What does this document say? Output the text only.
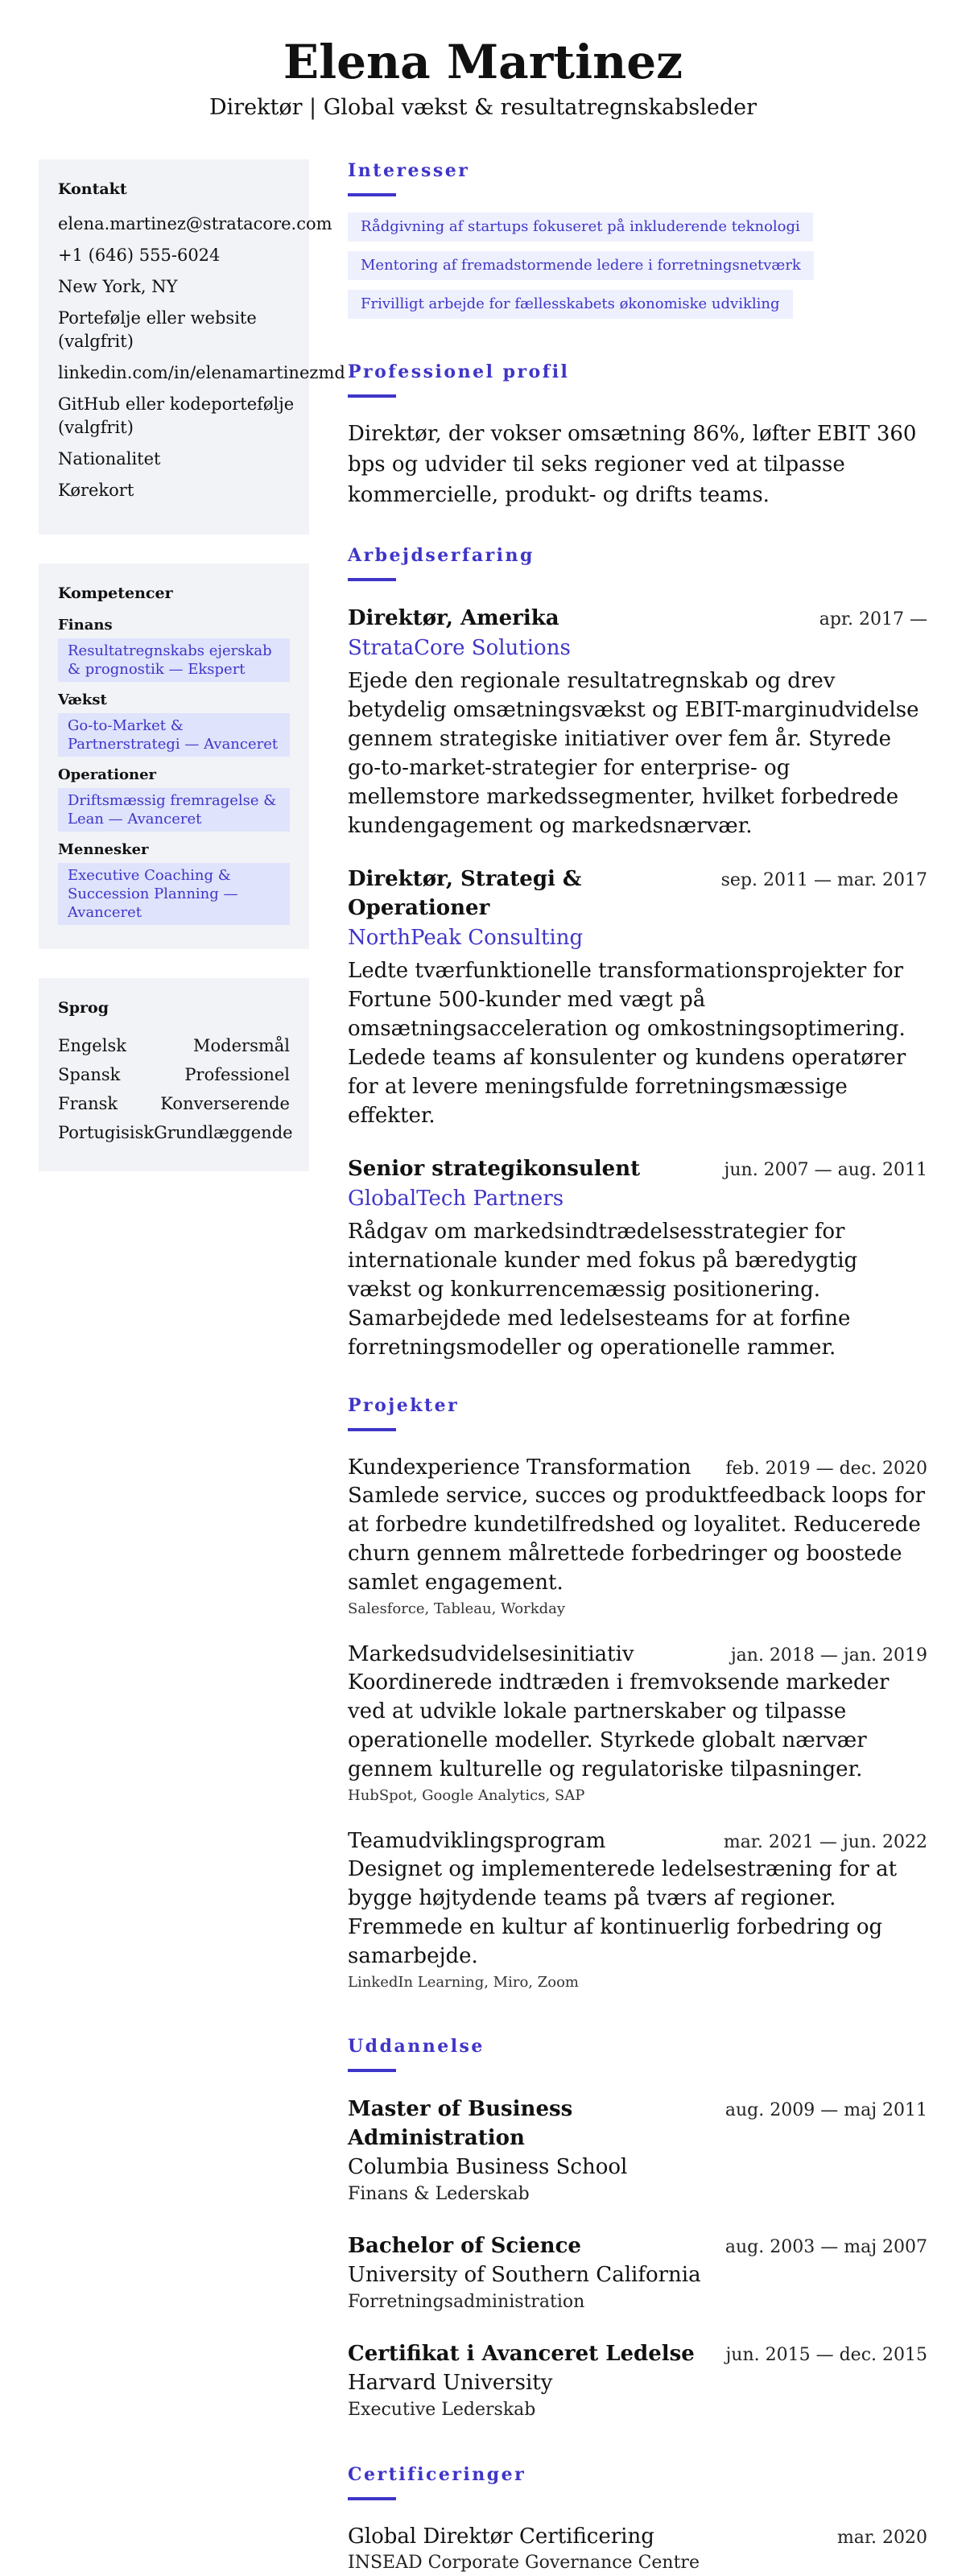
Elena Martinez
Direktør | Global vækst & resultatregnskabsleder
Kontakt
elena.martinez@stratacore.com
+1 (646) 555-6024
New York, NY
Portefølje eller website (valgfrit)
linkedin.com/in/elenamartinezmd
GitHub eller kodeportefølje (valgfrit)
Nationalitet
Kørekort
Kompetencer
Finans
Resultatregnskabs ejerskab & prognostik — Ekspert
Vækst
Go-to-Market & Partnerstrategi — Avanceret
Operationer
Driftsmæssig fremragelse & Lean — Avanceret
Mennesker
Executive Coaching & Succession Planning — Avanceret
Sprog
Engelsk	Modersmål
Spansk	Professionel
Fransk	Konverserende
Portugisisk Grundlæggende
Interesser
Rådgivning af startups fokuseret på inkluderende teknologi
Mentoring af fremadstormende ledere i forretningsnetværk
Frivilligt arbejde for fællesskabets økonomiske udvikling
Professionel profil
Direktør, der vokser omsætning 86%, løfter EBIT 360 bps og udvider til seks regioner ved at tilpasse kommercielle, produkt- og drifts teams.
Arbejdserfaring
Direktør, Amerika	apr. 2017 —
StrataCore Solutions
Ejede den regionale resultatregnskab og drev betydelig omsætningsvækst og EBIT-marginudvidelse gennem strategiske initiativer over fem år. Styrede go-to-market-strategier for enterprise- og mellemstore markedssegmenter, hvilket forbedrede kundengagement og markedsnærvær.
Direktør, Strategi & Operationer
sep. 2011 — mar. 2017
NorthPeak Consulting
Ledte tværfunktionelle transformationsprojekter for Fortune 500-kunder med vægt på omsætningsacceleration og omkostningsoptimering. Ledede teams af konsulenter og kundens operatører for at levere meningsfulde forretningsmæssige effekter.
Senior strategikonsulent	jun. 2007 — aug. 2011
GlobalTech Partners
Rådgav om markedsindtrædelsesstrategier for internationale kunder med fokus på bæredygtig vækst og konkurrencemæssig positionering. Samarbejdede med ledelsesteams for at forfine forretningsmodeller og operationelle rammer.
Projekter
Kundexperience Transformation feb. 2019 — dec. 2020
Samlede service, succes og produktfeedback loops for at forbedre kundetilfredshed og loyalitet. Reducerede churn gennem målrettede forbedringer og boostede samlet engagement.
Salesforce, Tableau, Workday
Markedsudvidelsesinitiativ	jan. 2018 — jan. 2019
Koordinerede indtræden i fremvoksende markeder ved at udvikle lokale partnerskaber og tilpasse operationelle modeller. Styrkede globalt nærvær gennem kulturelle og regulatoriske tilpasninger.
HubSpot, Google Analytics, SAP
Teamudviklingsprogram	mar. 2021 — jun. 2022
Designet og implementerede ledelsestræning for at bygge højtydende teams på tværs af regioner. Fremmede en kultur af kontinuerlig forbedring og samarbejde.
LinkedIn Learning, Miro, Zoom
Uddannelse
Master of Business Administration
aug. 2009 — maj 2011
Columbia Business School
Finans & Lederskab
Bachelor of Science	aug. 2003 — maj 2007
University of Southern California
Forretningsadministration
Certifikat i Avanceret Ledelse jun. 2015 — dec. 2015
Harvard University
Executive Lederskab
Certificeringer
Global Direktør Certificering	mar. 2020
INSEAD Corporate Governance Centre
